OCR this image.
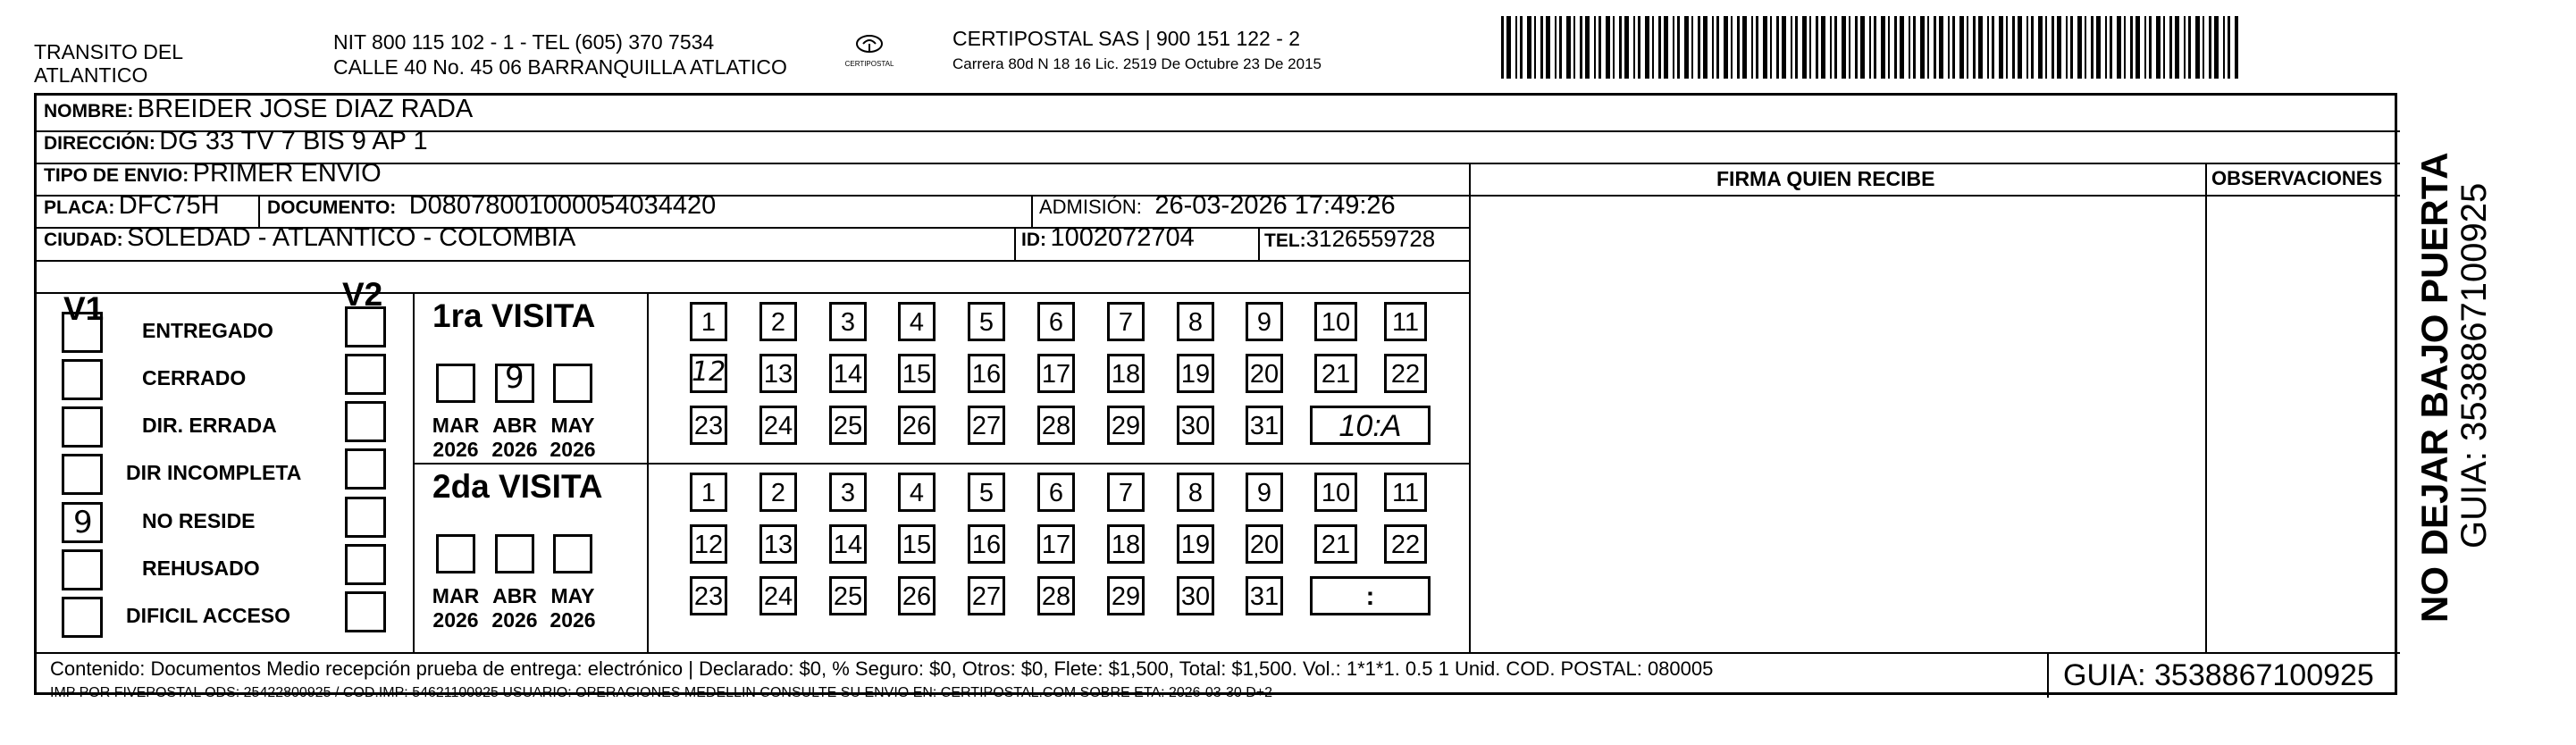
TRANSITO DEL ATLANTICO
NIT 800 115 102 - 1 - TEL (605) 370 7534
CALLE 40 No. 45 06 BARRANQUILLA ATLATICO	CERTIPOSTAL
CERTIPOSTAL SAS | 900 151 122 - 2
Carrera 80d N 18 16 Lic. 2519 De Octubre 23 De 2015
NOMBRE: BREIDER JOSE DIAZ RADA
DIRECCIÓN: DG 33 TV 7 BIS 9 AP 1
TIPO DE ENVIO: PRIMER ENVIO	FIRMA QUIEN RECIBE	OBSERVACIONES
PLACA: DFC75H	DOCUMENTO: D08078001000054034420	ADMISIÓN: 26-03-2026 17:49:26
CIUDAD: SOLEDAD - ATLANTICO - COLOMBIA	ID: 1002072704	TEL:3126559728
V1	V2
ENTREGADO
CERRADO
DIR. ERRADA
DIR INCOMPLETA
9 NO RESIDE
REHUSADO
DIFICIL ACCESO
1ra VISITA
MAR
2026
9
ABR
2026
MAY
2026
1	2	3	4	5	6	7	8	9	10	11
12 13 14 15 16 17 18 19 20 21 22
23 24 25 26 27 28 29 30 31	10:A
2da VISITA
MAR
2026
ABR
2026
MAY
2026
1	2	3	4	5	6	7	8	9	10	11
12 13 14 15 16 17 18 19 20 21 22
23 24 25 26 27 28 29 30 31	:
Contenido: Documentos Medio recepción prueba de entrega: electrónico | Declarado: $0, % Seguro: $0, Otros: $0, Flete: $1,500, Total: $1,500. Vol.: 1*1*1. 0.5 1 Unid. COD. POSTAL: 080005
IMP POR FIVEPOSTAL ODS: 25422800925 / COD.IMP: 54621100925 USUARIO: OPERACIONES MEDELLIN CONSULTE SU ENVIO EN: CERTIPOSTAL.COM SOBRE ETA: 2026-03-30 D+2
GUIA: 3538867100925
NO DEJAR BAJO PUERTA GUIA: 3538867100925
